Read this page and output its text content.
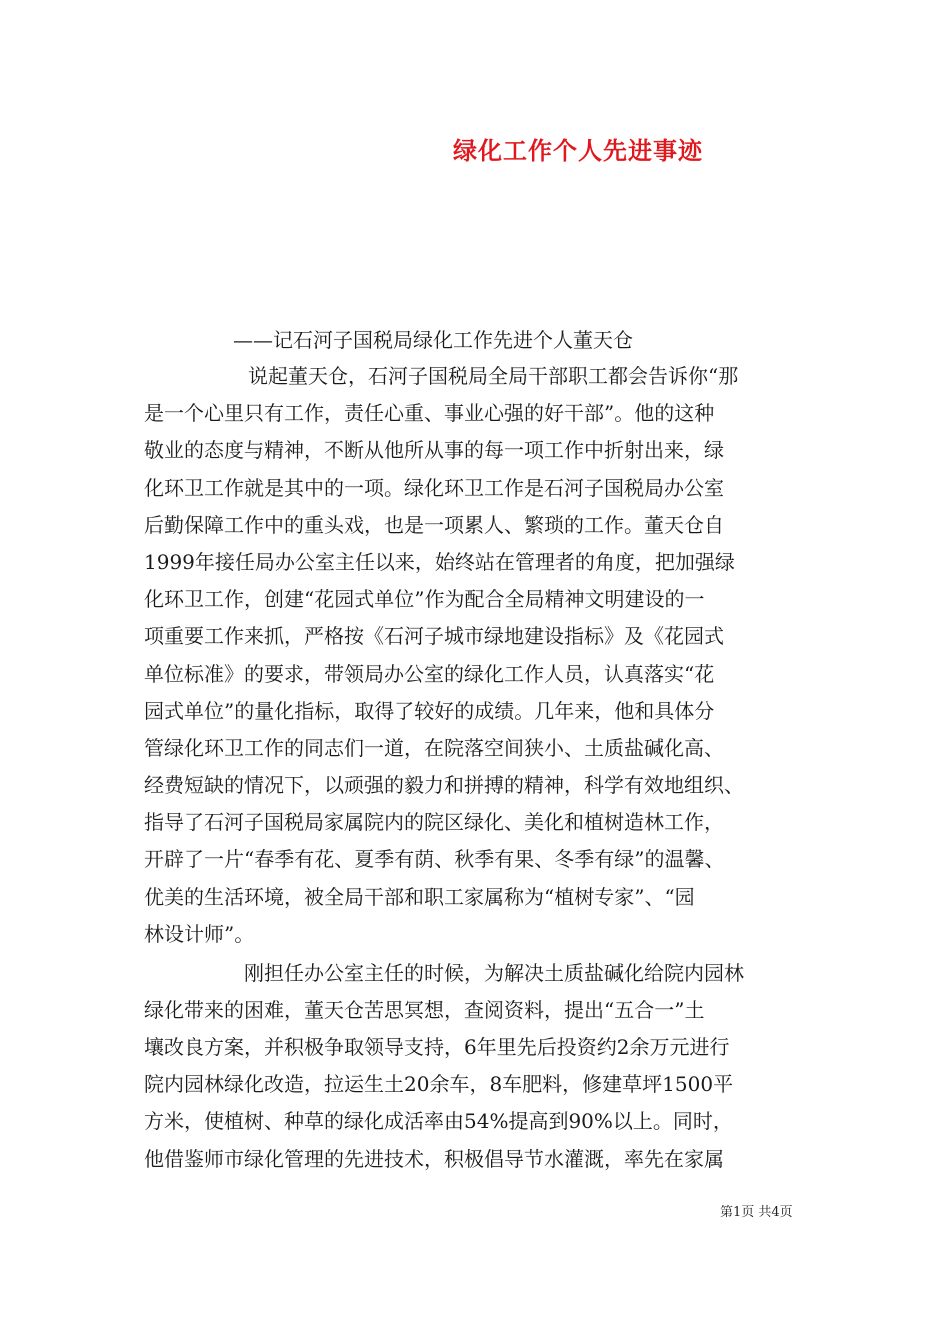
绿化工作个人先进事迹
——记石河子国税局绿化工作先进个人董天仓
说起董天仓，石河子国税局全局干部职工都会告诉你“那
是一个心里只有工作，责任心重、事业心强的好干部”。他的这种
敬业的态度与精神，不断从他所从事的每一项工作中折射出来，绿
化环卫工作就是其中的一项。绿化环卫工作是石河子国税局办公室
后勤保障工作中的重头戏，也是一项累人、繁琐的工作。董天仓自
1999年接任局办公室主任以来，始终站在管理者的角度，把加强绿
化环卫工作，创建“花园式单位”作为配合全局精神文明建设的一
项重要工作来抓，严格按《石河子城市绿地建设指标》及《花园式
单位标准》的要求，带领局办公室的绿化工作人员，认真落实“花
园式单位”的量化指标，取得了较好的成绩。几年来，他和具体分
管绿化环卫工作的同志们一道，在院落空间狭小、土质盐碱化高、
经费短缺的情况下，以顽强的毅力和拼搏的精神，科学有效地组织、
指导了石河子国税局家属院内的院区绿化、美化和植树造林工作，
开辟了一片“春季有花、夏季有荫、秋季有果、冬季有绿”的温馨、
优美的生活环境，被全局干部和职工家属称为“植树专家”、“园
林设计师”。
刚担任办公室主任的时候，为解决土质盐碱化给院内园林
绿化带来的困难，董天仓苦思冥想，查阅资料，提出“五合一”土
壤改良方案，并积极争取领导支持，6年里先后投资约2余万元进行
院内园林绿化改造，拉运生土20余车，8车肥料，修建草坪1500平
方米，使植树、种草的绿化成活率由54%提高到90%以上。同时，
他借鉴师市绿化管理的先进技术，积极倡导节水灌溉，率先在家属
第1页 共4页
